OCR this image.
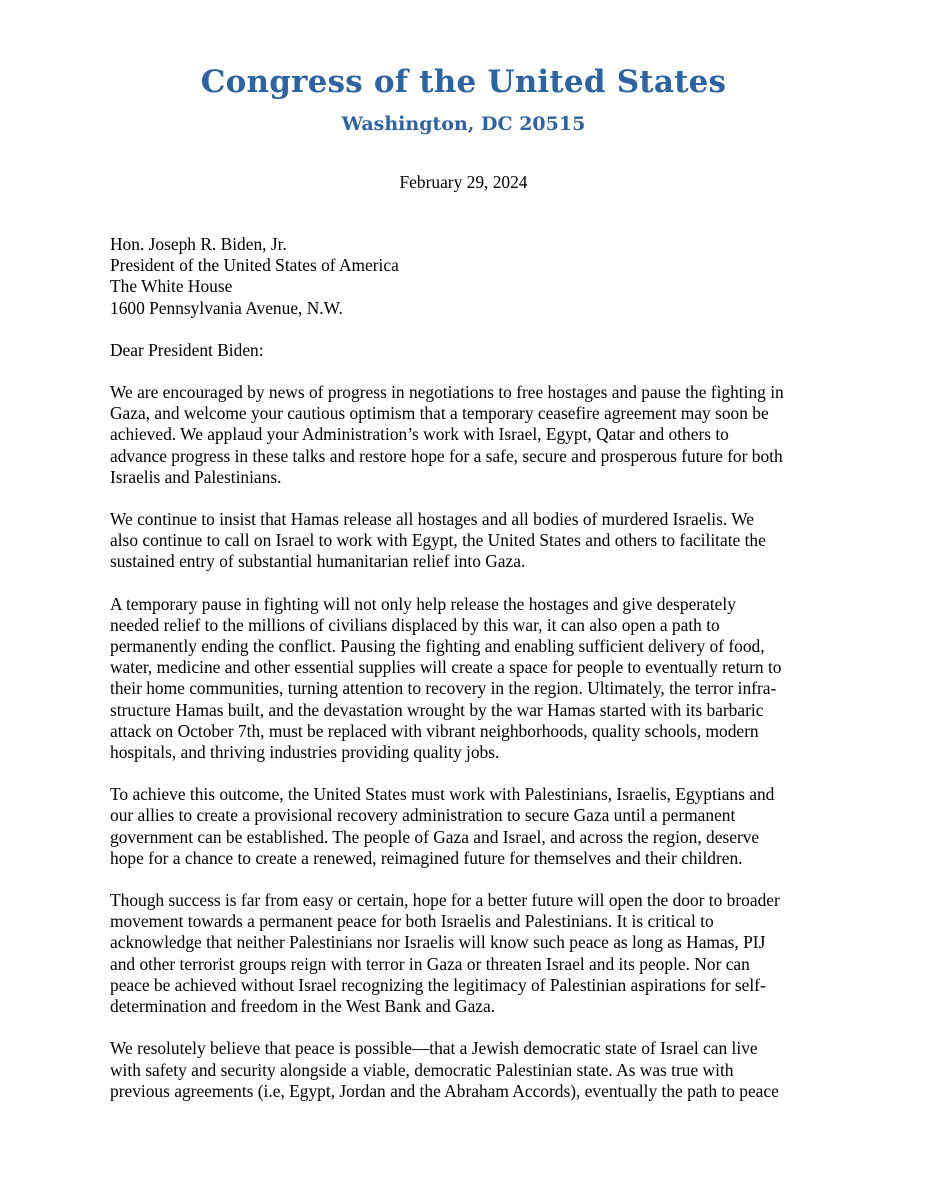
Congress of the United States
Washington, DC 20515
February 29, 2024
Hon. Joseph R. Biden, Jr.
President of the United States of America
The White House
1600 Pennsylvania Avenue, N.W.
Dear President Biden:

We are encouraged by news of progress in negotiations to free hostages and pause the fighting in
Gaza, and welcome your cautious optimism that a temporary ceasefire agreement may soon be
achieved. We applaud your Administration’s work with Israel, Egypt, Qatar and others to
advance progress in these talks and restore hope for a safe, secure and prosperous future for both
Israelis and Palestinians.

We continue to insist that Hamas release all hostages and all bodies of murdered Israelis. We
also continue to call on Israel to work with Egypt, the United States and others to facilitate the
sustained entry of substantial humanitarian relief into Gaza.

A temporary pause in fighting will not only help release the hostages and give desperately
needed relief to the millions of civilians displaced by this war, it can also open a path to
permanently ending the conflict. Pausing the fighting and enabling sufficient delivery of food,
water, medicine and other essential supplies will create a space for people to eventually return to
their home communities, turning attention to recovery in the region. Ultimately, the terror infra-
structure Hamas built, and the devastation wrought by the war Hamas started with its barbaric
attack on October 7th, must be replaced with vibrant neighborhoods, quality schools, modern
hospitals, and thriving industries providing quality jobs.

To achieve this outcome, the United States must work with Palestinians, Israelis, Egyptians and
our allies to create a provisional recovery administration to secure Gaza until a permanent
government can be established. The people of Gaza and Israel, and across the region, deserve
hope for a chance to create a renewed, reimagined future for themselves and their children.

Though success is far from easy or certain, hope for a better future will open the door to broader
movement towards a permanent peace for both Israelis and Palestinians. It is critical to
acknowledge that neither Palestinians nor Israelis will know such peace as long as Hamas, PIJ
and other terrorist groups reign with terror in Gaza or threaten Israel and its people. Nor can
peace be achieved without Israel recognizing the legitimacy of Palestinian aspirations for self-
determination and freedom in the West Bank and Gaza.

We resolutely believe that peace is possible—that a Jewish democratic state of Israel can live
with safety and security alongside a viable, democratic Palestinian state. As was true with
previous agreements (i.e, Egypt, Jordan and the Abraham Accords), eventually the path to peace
